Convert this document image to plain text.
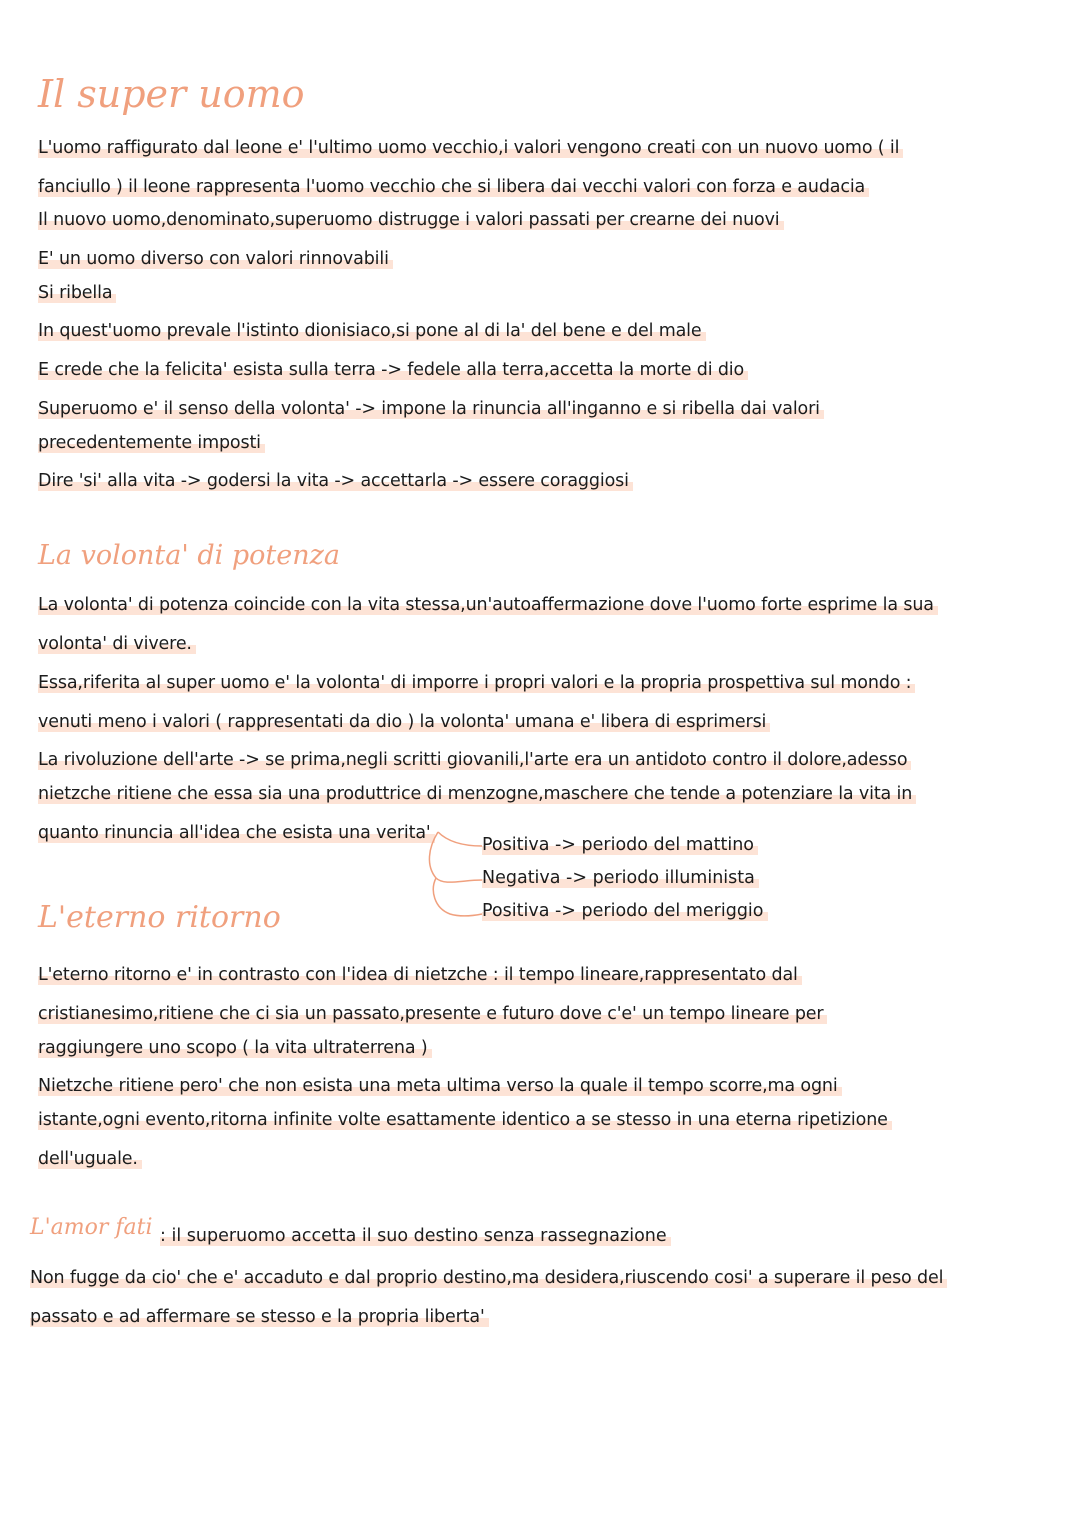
Il super uomo
L'uomo raffigurato dal leone e' l'ultimo uomo vecchio,i valori vengono creati con un nuovo uomo ( il
fanciullo ) il leone rappresenta l'uomo vecchio che si libera dai vecchi valori con forza e audacia
Il nuovo uomo,denominato,superuomo distrugge i valori passati per crearne dei nuovi
E' un uomo diverso con valori rinnovabili
Si ribella
In quest'uomo prevale l'istinto dionisiaco,si pone al di la' del bene e del male
E crede che la felicita' esista sulla terra -> fedele alla terra,accetta la morte di dio
Superuomo e' il senso della volonta' -> impone la rinuncia all'inganno e si ribella dai valori
precedentemente imposti
Dire 'si' alla vita -> godersi la vita -> accettarla -> essere coraggiosi
La volonta' di potenza
La volonta' di potenza coincide con la vita stessa,un'autoaffermazione dove l'uomo forte esprime la sua
volonta' di vivere.
Essa,riferita al super uomo e' la volonta' di imporre i propri valori e la propria prospettiva sul mondo :
venuti meno i valori ( rappresentati da dio ) la volonta' umana e' libera di esprimersi
La rivoluzione dell'arte -> se prima,negli scritti giovanili,l'arte era un antidoto contro il dolore,adesso
nietzche ritiene che essa sia una produttrice di menzogne,maschere che tende a potenziare la vita in
quanto rinuncia all'idea che esista una verita'
Positiva -> periodo del mattino
Negativa -> periodo illuminista
Positiva -> periodo del meriggio
L'eterno ritorno
L'eterno ritorno e' in contrasto con l'idea di nietzche : il tempo lineare,rappresentato dal
cristianesimo,ritiene che ci sia un passato,presente e futuro dove c'e' un tempo lineare per
raggiungere uno scopo ( la vita ultraterrena )
Nietzche ritiene pero' che non esista una meta ultima verso la quale il tempo scorre,ma ogni
istante,ogni evento,ritorna infinite volte esattamente identico a se stesso in una eterna ripetizione
dell'uguale.
L'amor fati : il superuomo accetta il suo destino senza rassegnazione
Non fugge da cio' che e' accaduto e dal proprio destino,ma desidera,riuscendo cosi' a superare il peso del
passato e ad affermare se stesso e la propria liberta'
